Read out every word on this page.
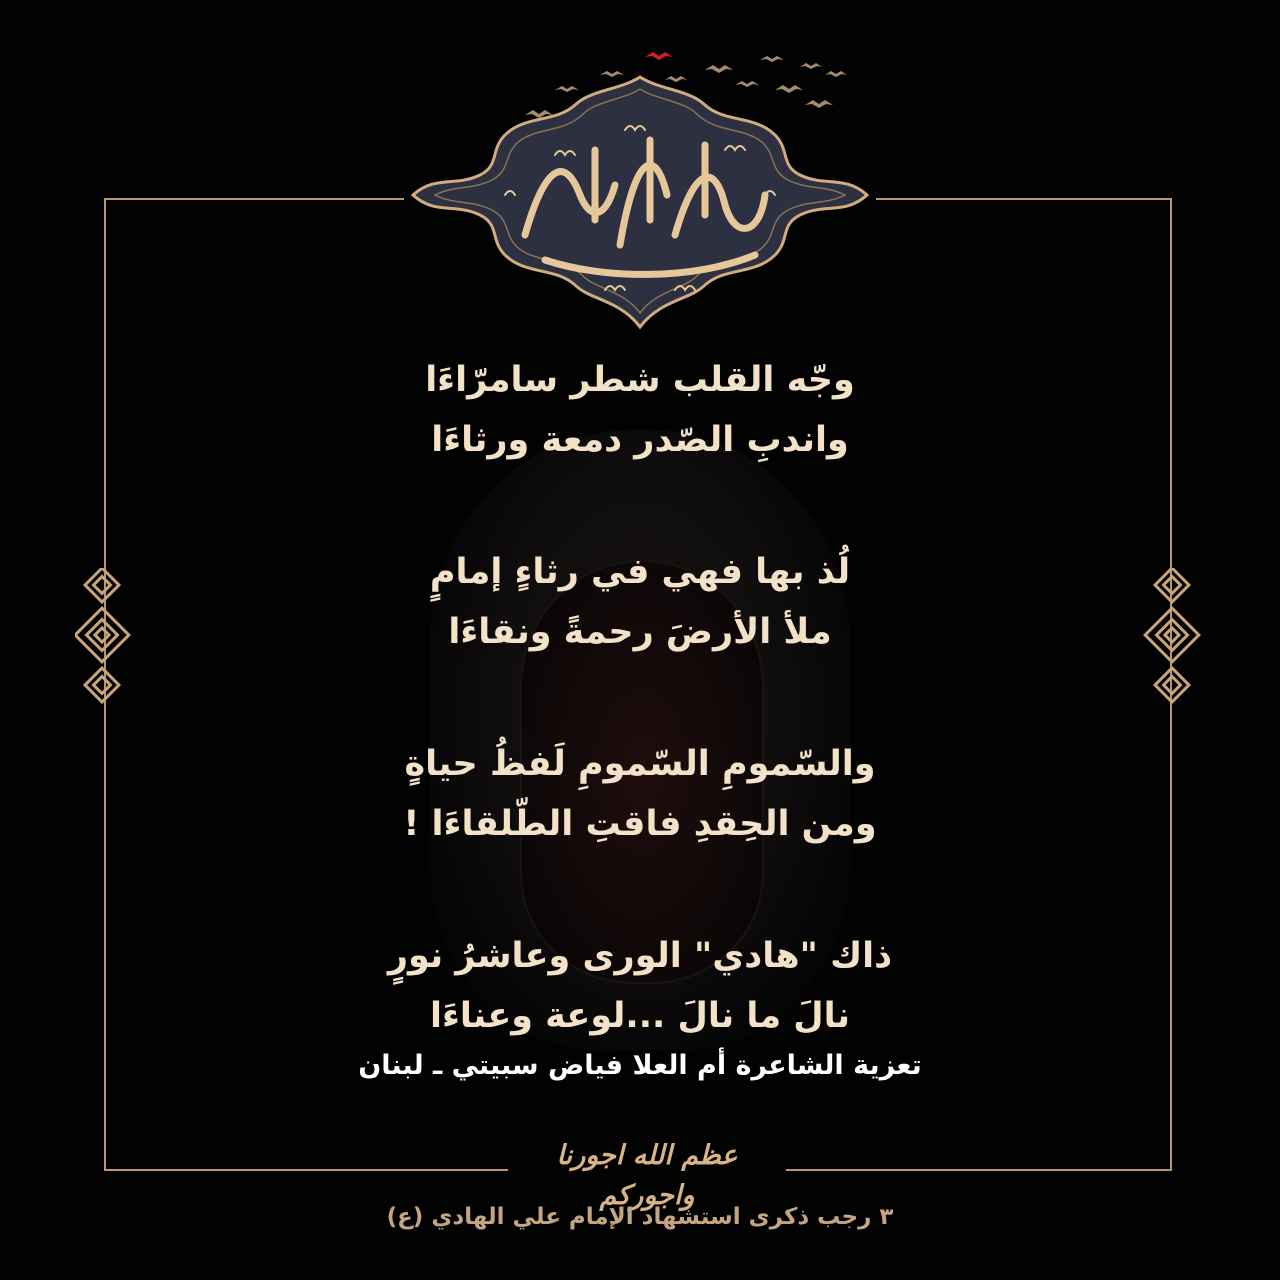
وجّه القلب شطر سامرّاءَا
واندبِ الصّدر دمعة ورثاءَا
لُذ بها فهي في رثاءٍ إمامٍ
ملأ الأرضَ رحمةً ونقاءَا
والسّمومِ السّمومِ لَفظُ حياةٍ
ومن الحِقدِ فاقتِ الطّلقاءَا !
ذاك "هادي" الورى وعاشرُ نورٍ
نالَ ما نالَ ...لوعة وعناءَا
تعزية الشاعرة أم العلا فياض سبيتي ـ لبنان
عظم الله اجورنا واجوركم
٣ رجب ذكرى استشهاد الإمام علي الهادي (ع)
